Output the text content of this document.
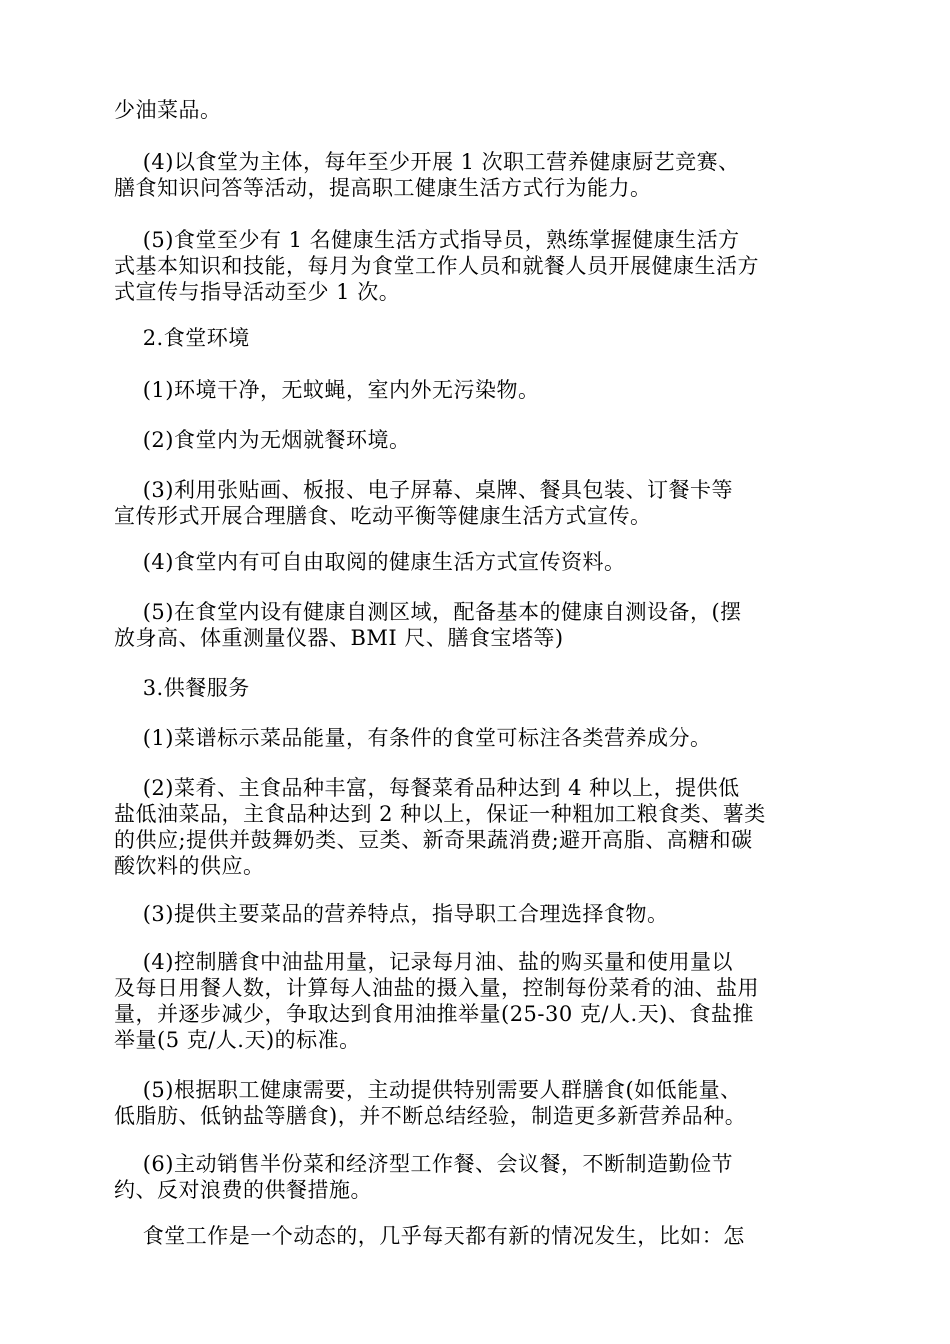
少油菜品。
(4)以食堂为主体，每年至少开展 1 次职工营养健康厨艺竞赛、
膳食知识问答等活动，提高职工健康生活方式行为能力。
(5)食堂至少有 1 名健康生活方式指导员，熟练掌握健康生活方
式基本知识和技能，每月为食堂工作人员和就餐人员开展健康生活方
式宣传与指导活动至少 1 次。
2.食堂环境
(1)环境干净，无蚊蝇，室内外无污染物。
(2)食堂内为无烟就餐环境。
(3)利用张贴画、板报、电子屏幕、桌牌、餐具包装、订餐卡等
宣传形式开展合理膳食、吃动平衡等健康生活方式宣传。
(4)食堂内有可自由取阅的健康生活方式宣传资料。
(5)在食堂内设有健康自测区域，配备基本的健康自测设备，(摆
放身高、体重测量仪器、BMI 尺、膳食宝塔等)
3.供餐服务
(1)菜谱标示菜品能量，有条件的食堂可标注各类营养成分。
(2)菜肴、主食品种丰富，每餐菜肴品种达到 4 种以上，提供低
盐低油菜品，主食品种达到 2 种以上，保证一种粗加工粮食类、薯类
的供应;提供并鼓舞奶类、豆类、新奇果蔬消费;避开高脂、高糖和碳
酸饮料的供应。
(3)提供主要菜品的营养特点，指导职工合理选择食物。
(4)控制膳食中油盐用量，记录每月油、盐的购买量和使用量以
及每日用餐人数，计算每人油盐的摄入量，控制每份菜肴的油、盐用
量，并逐步减少，争取达到食用油推举量(25-30 克/人.天)、食盐推
举量(5 克/人.天)的标准。
(5)根据职工健康需要，主动提供特别需要人群膳食(如低能量、
低脂肪、低钠盐等膳食)，并不断总结经验，制造更多新营养品种。
(6)主动销售半份菜和经济型工作餐、会议餐，不断制造勤俭节
约、反对浪费的供餐措施。
食堂工作是一个动态的，几乎每天都有新的情况发生，比如：怎
